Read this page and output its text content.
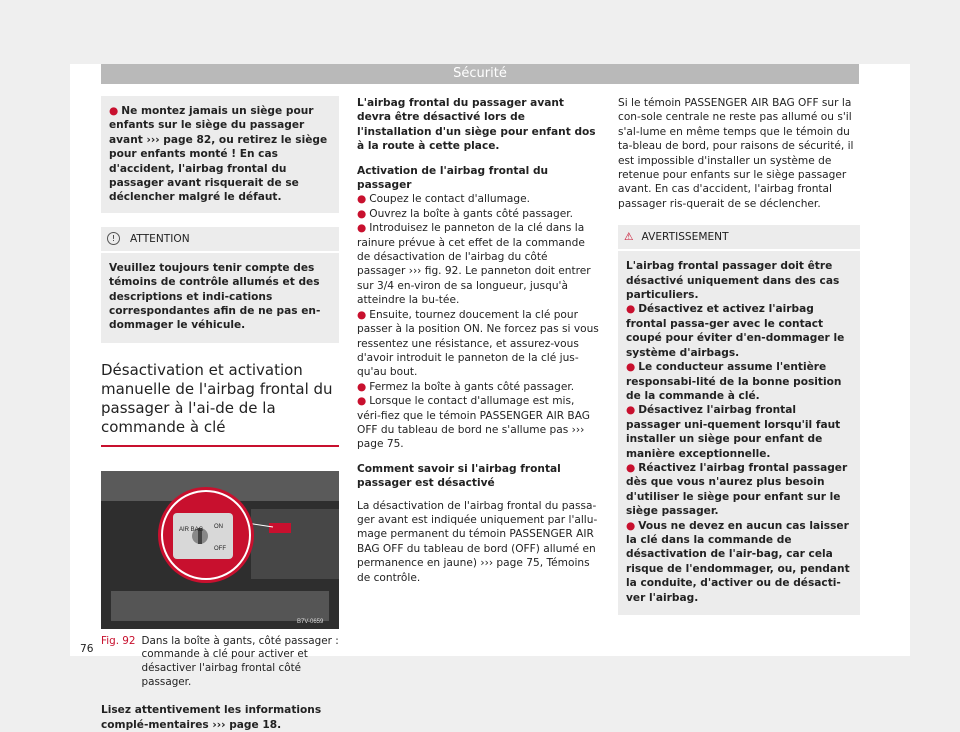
Sécurité
● Ne montez jamais un siège pour enfants sur le siège du passager avant ››› page 82, ou retirez le siège pour enfants monté ! En cas d'accident, l'airbag frontal du passager avant risquerait de se déclencher malgré le défaut.
! ATTENTION
Veuillez toujours tenir compte des témoins de contrôle allumés et des descriptions et indi-cations correspondantes afin de ne pas en-dommager le véhicule.
Désactivation et activation manuelle de l'airbag frontal du passager à l'ai-de de la commande à clé
AIR BAG ON
OFF
B7V-0659
Fig. 92 Dans la boîte à gants, côté passager : commande à clé pour activer et désactiver l'airbag frontal côté passager.
Lisez attentivement les informations complé-mentaires ››› page 18.

L'airbag frontal du passager avant devra être désactivé lors de l'installation d'un siège pour enfant dos à la route à cette place.

Activation de l'airbag frontal du passager

● Coupez le contact d'allumage.

● Ouvrez la boîte à gants côté passager.

● Introduisez le panneton de la clé dans la rainure prévue à cet effet de la commande de désactivation de l'airbag du côté passager ››› fig. 92. Le panneton doit entrer sur 3/4 en-viron de sa longueur, jusqu'à atteindre la bu-tée.

● Ensuite, tournez doucement la clé pour passer à la position ON. Ne forcez pas si vous ressentez une résistance, et assurez-vous d'avoir introduit le panneton de la clé jus-qu'au bout.

● Fermez la boîte à gants côté passager.

● Lorsque le contact d'allumage est mis, véri-fiez que le témoin PASSENGER AIR BAG OFF du tableau de bord ne s'allume pas ››› page 75.

Comment savoir si l'airbag frontal passager est désactivé

La désactivation de l'airbag frontal du passa-ger avant est indiquée uniquement par l'allu-mage permanent du témoin PASSENGER AIR BAG OFF du tableau de bord (OFF) allumé en permanence en jaune) ››› page 75, Témoins de contrôle.

Si le témoin PASSENGER AIR BAG OFF sur la con-sole centrale ne reste pas allumé ou s'il s'al-lume en même temps que le témoin du ta-bleau de bord, pour raisons de sécurité, il est impossible d'installer un système de retenue pour enfants sur le siège passager avant. En cas d'accident, l'airbag frontal passager ris-querait de se déclencher.

⚠ AVERTISSEMENT

L'airbag frontal passager doit être désactivé uniquement dans des cas particuliers.

● Désactivez et activez l'airbag frontal passa-ger avec le contact coupé pour éviter d'en-dommager le système d'airbags.

● Le conducteur assume l'entière responsabi-lité de la bonne position de la commande à clé.

● Désactivez l'airbag frontal passager uni-quement lorsqu'il faut installer un siège pour enfant de manière exceptionnelle.

● Réactivez l'airbag frontal passager dès que vous n'aurez plus besoin d'utiliser le siège pour enfant sur le siège passager.

● Vous ne devez en aucun cas laisser la clé dans la commande de désactivation de l'air-bag, car cela risque de l'endommager, ou, pendant la conduite, d'activer ou de désacti-ver l'airbag.

76
